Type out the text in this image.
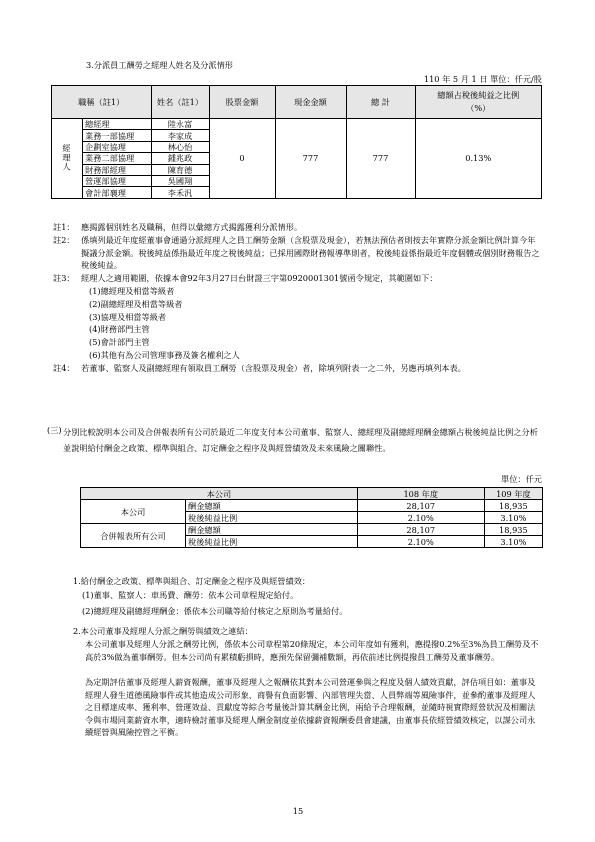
3.分派員工酬勞之經理人姓名及分派情形
110 年 5 月 1 日 單位：仟元/股
職稱（註1）		姓名（註1）	股票金額	現金金額	總 計	總額占稅後純益之比例（%）
經理人	總經理	陸永富	0	777	777	0.13%
	業務一部協理	李家成				
	企劃室協理	林心怡				
	業務二部協理	鍾兆政				
	財務部經理	陳育德				
	營運部協理	吳國翔				
	會計部襄理	李禾汎				
註1： 應揭露個別姓名及職稱，但得以彙總方式揭露獲利分派情形。
註2： 係填列最近年度經董事會通過分派經理人之員工酬勞金額（含股票及現金），若無法預估者則按去年實際分派金額比例計算今年擬議分派金額。稅後純益係指最近年度之稅後純益；已採用國際財務報導準則者，稅後純益係指最近年度個體或個別財務報告之稅後純益。
註3： 經理人之適用範圍，依據本會92年3月27日台財證三字第0920001301號函令規定，其範圍如下：
(1)總經理及相當等級者
(2)副總經理及相當等級者
(3)協理及相當等級者
(4)財務部門主管
(5)會計部門主管
(6)其他有為公司管理事務及簽名權利之人
註4： 若董事、監察人及副總經理有領取員工酬勞（含股票及現金）者，除填列附表一之二外，另應再填列本表。
(三) 分別比較說明本公司及合併報表所有公司於最近二年度支付本公司董事、監察人、總經理及副總經理酬金總額占稅後純益比例之分析並說明給付酬金之政策、標準與組合、訂定酬金之程序及與經營績效及未來風險之關聯性。
單位：仟元
本公司		108 年度	109 年度
本公司	酬金總額	28,107	18,935
	稅後純益比例	2.10%	3.10%
合併報表所有公司	酬金總額	28,107	18,935
	稅後純益比例	2.10%	3.10%
1.給付酬金之政策、標準與組合、訂定酬金之程序及與經營績效：
(1)董事、監察人：車馬費、酬勞：依本公司章程規定給付。
(2)總經理及副總經理酬金：係依本公司職等給付核定之原則為考量給付。
2.本公司董事及經理人分派之酬勞與績效之連結：
本公司董事及經理人分派之酬勞比例，係依本公司章程第20條規定，本公司年度如有獲利，應提撥0.2%至3%為員工酬勞及不高於3%做為董事酬勞。但本公司尚有累積虧損時，應預先保留彌補數額，再依前述比例提撥員工酬勞及董事酬勞。
為定期評估董事及經理人薪資報酬，董事及經理人之報酬依其對本公司營運參與之程度及個人績效貢獻，評估項目如：董事及經理人發生道德風險事件或其他造成公司形象、商譽有負面影響、內部管理失當、人員弊端等風險事件，並參酌董事及經理人之目標達成率、獲利率、營運效益、貢獻度等綜合考量後計算其酬金比例，兩給予合理報酬，並隨時視實際經營狀況及相關法令與市場同業薪資水準，適時檢討董事及經理人酬金制度並依據薪資報酬委員會建議，由董事長依經營績效核定，以謀公司永續經營與風險控管之平衡。
15
